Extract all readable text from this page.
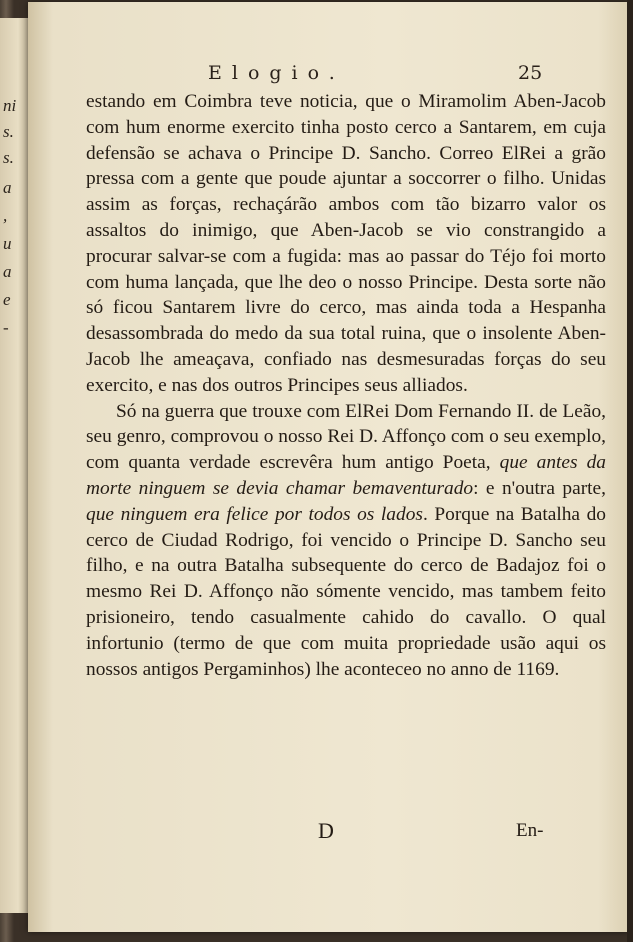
ni
s.
s.
a
,
u
a
e
-
Elogio.	25

estando em Coimbra teve noticia, que o Miramolim Aben-Jacob com hum enorme exercito tinha posto cerco a Santarem, em cuja defensão se achava o Principe D. Sancho. Correo ElRei a grão pressa com a gente que poude ajuntar a soccorrer o filho. Unidas assim as forças, rechaçárão ambos com tão bizarro valor os assaltos do inimigo, que Aben-Jacob se vio constrangido a procurar salvar-se com a fugida: mas ao passar do Téjo foi morto com huma lançada, que lhe deo o nosso Principe. Desta sorte não só ficou Santarem livre do cerco, mas ainda toda a Hespanha desassombrada do medo da sua total ruina, que o insolente Aben-Jacob lhe ameaçava, confiado nas desmesuradas forças do seu exercito, e nas dos outros Principes seus alliados.

Só na guerra que trouxe com ElRei Dom Fernando II. de Leão, seu genro, comprovou o nosso Rei D. Affonço com o seu exemplo, com quanta verdade escrevêra hum antigo Poeta, que antes da morte ninguem se devia chamar bemaventurado: e n'outra parte, que ninguem era felice por todos os lados. Porque na Batalha do cerco de Ciudad Rodrigo, foi vencido o Principe D. Sancho seu filho, e na outra Batalha subsequente do cerco de Badajoz foi o mesmo Rei D. Affonço não sómente vencido, mas tambem feito prisioneiro, tendo casualmente cahido do cavallo. O qual infortunio (termo de que com muita propriedade usão aqui os nossos antigos Pergaminhos) lhe aconteceo no anno de 1169.

D	En-
